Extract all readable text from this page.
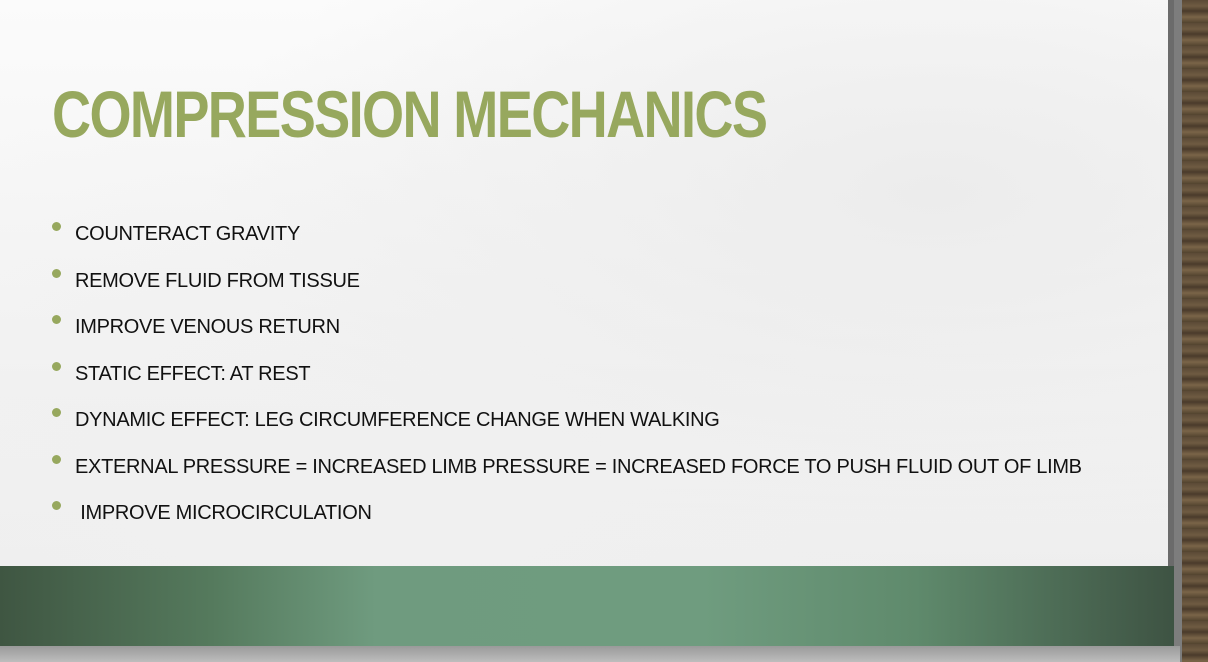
COMPRESSION MECHANICS
COUNTERACT GRAVITY
REMOVE FLUID FROM TISSUE
IMPROVE VENOUS RETURN
STATIC EFFECT: AT REST
DYNAMIC EFFECT: LEG CIRCUMFERENCE CHANGE WHEN WALKING
EXTERNAL PRESSURE = INCREASED LIMB PRESSURE = INCREASED FORCE TO PUSH FLUID OUT OF LIMB
IMPROVE MICROCIRCULATION
